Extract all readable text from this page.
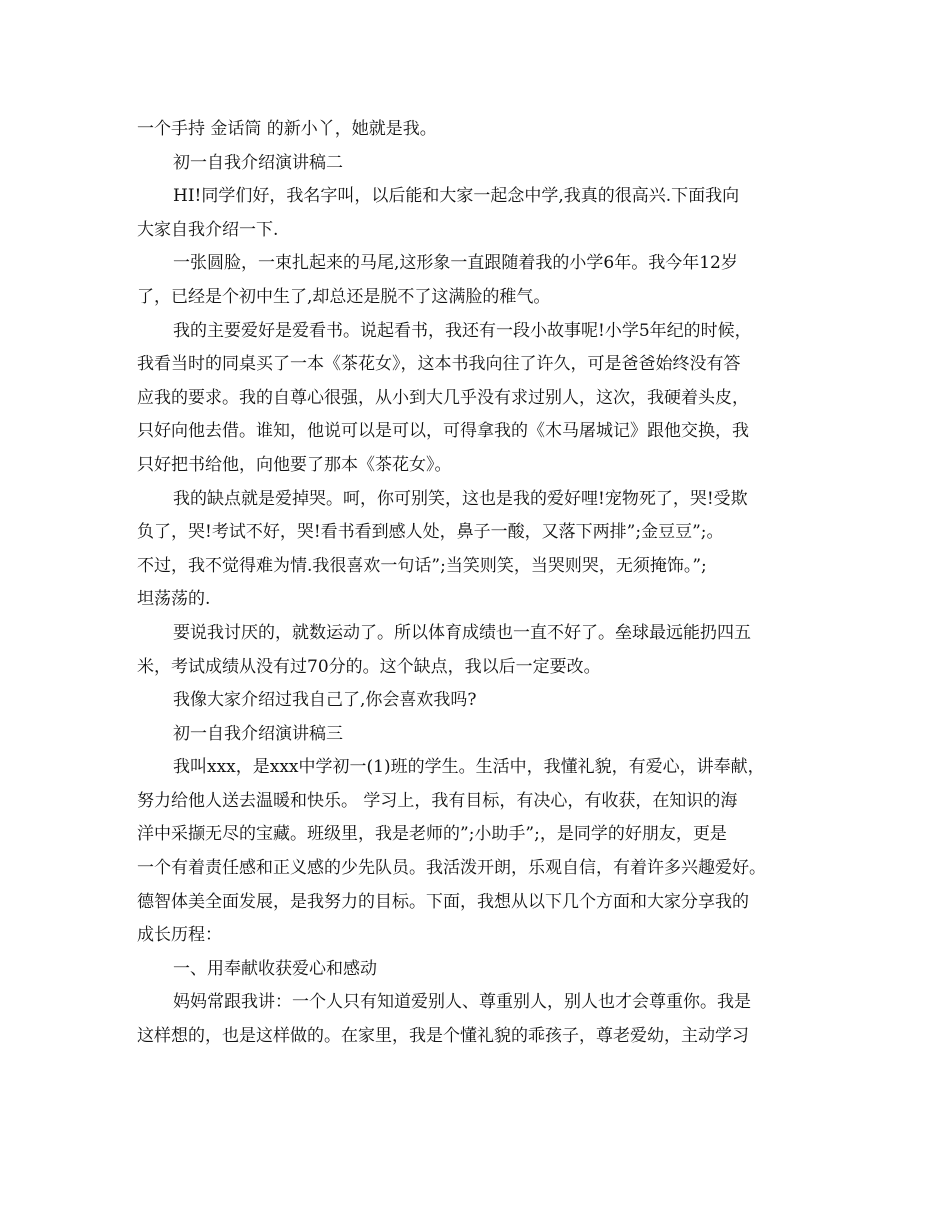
一个手持 金话筒 的新小丫，她就是我。
初一自我介绍演讲稿二
HI!同学们好，我名字叫，以后能和大家一起念中学,我真的很高兴.下面我向
大家自我介绍一下.
一张圆脸，一束扎起来的马尾,这形象一直跟随着我的小学6年。我今年12岁
了，已经是个初中生了,却总还是脱不了这满脸的稚气。
我的主要爱好是爱看书。说起看书，我还有一段小故事呢!小学5年纪的时候，
我看当时的同桌买了一本《茶花女》，这本书我向往了许久，可是爸爸始终没有答
应我的要求。我的自尊心很强，从小到大几乎没有求过别人，这次，我硬着头皮，
只好向他去借。谁知，他说可以是可以，可得拿我的《木马屠城记》跟他交换，我
只好把书给他，向他要了那本《茶花女》。
我的缺点就是爱掉哭。呵，你可别笑，这也是我的爱好哩!宠物死了，哭!受欺
负了，哭!考试不好，哭!看书看到感人处，鼻子一酸，又落下两排”;金豆豆”;。
不过，我不觉得难为情.我很喜欢一句话”;当笑则笑，当哭则哭，无须掩饰。”;
坦荡荡的.
要说我讨厌的，就数运动了。所以体育成绩也一直不好了。垒球最远能扔四五
米，考试成绩从没有过70分的。这个缺点，我以后一定要改。
我像大家介绍过我自己了,你会喜欢我吗?
初一自我介绍演讲稿三
我叫xxx，是xxx中学初一(1)班的学生。生活中，我懂礼貌，有爱心，讲奉献，
努力给他人送去温暖和快乐。 学习上，我有目标，有决心，有收获，在知识的海
洋中采撷无尽的宝藏。班级里，我是老师的”;小助手”;，是同学的好朋友，更是
一个有着责任感和正义感的少先队员。我活泼开朗，乐观自信，有着许多兴趣爱好。
德智体美全面发展，是我努力的目标。下面，我想从以下几个方面和大家分享我的
成长历程：
一、用奉献收获爱心和感动
妈妈常跟我讲：一个人只有知道爱别人、尊重别人，别人也才会尊重你。我是
这样想的，也是这样做的。在家里，我是个懂礼貌的乖孩子，尊老爱幼，主动学习
